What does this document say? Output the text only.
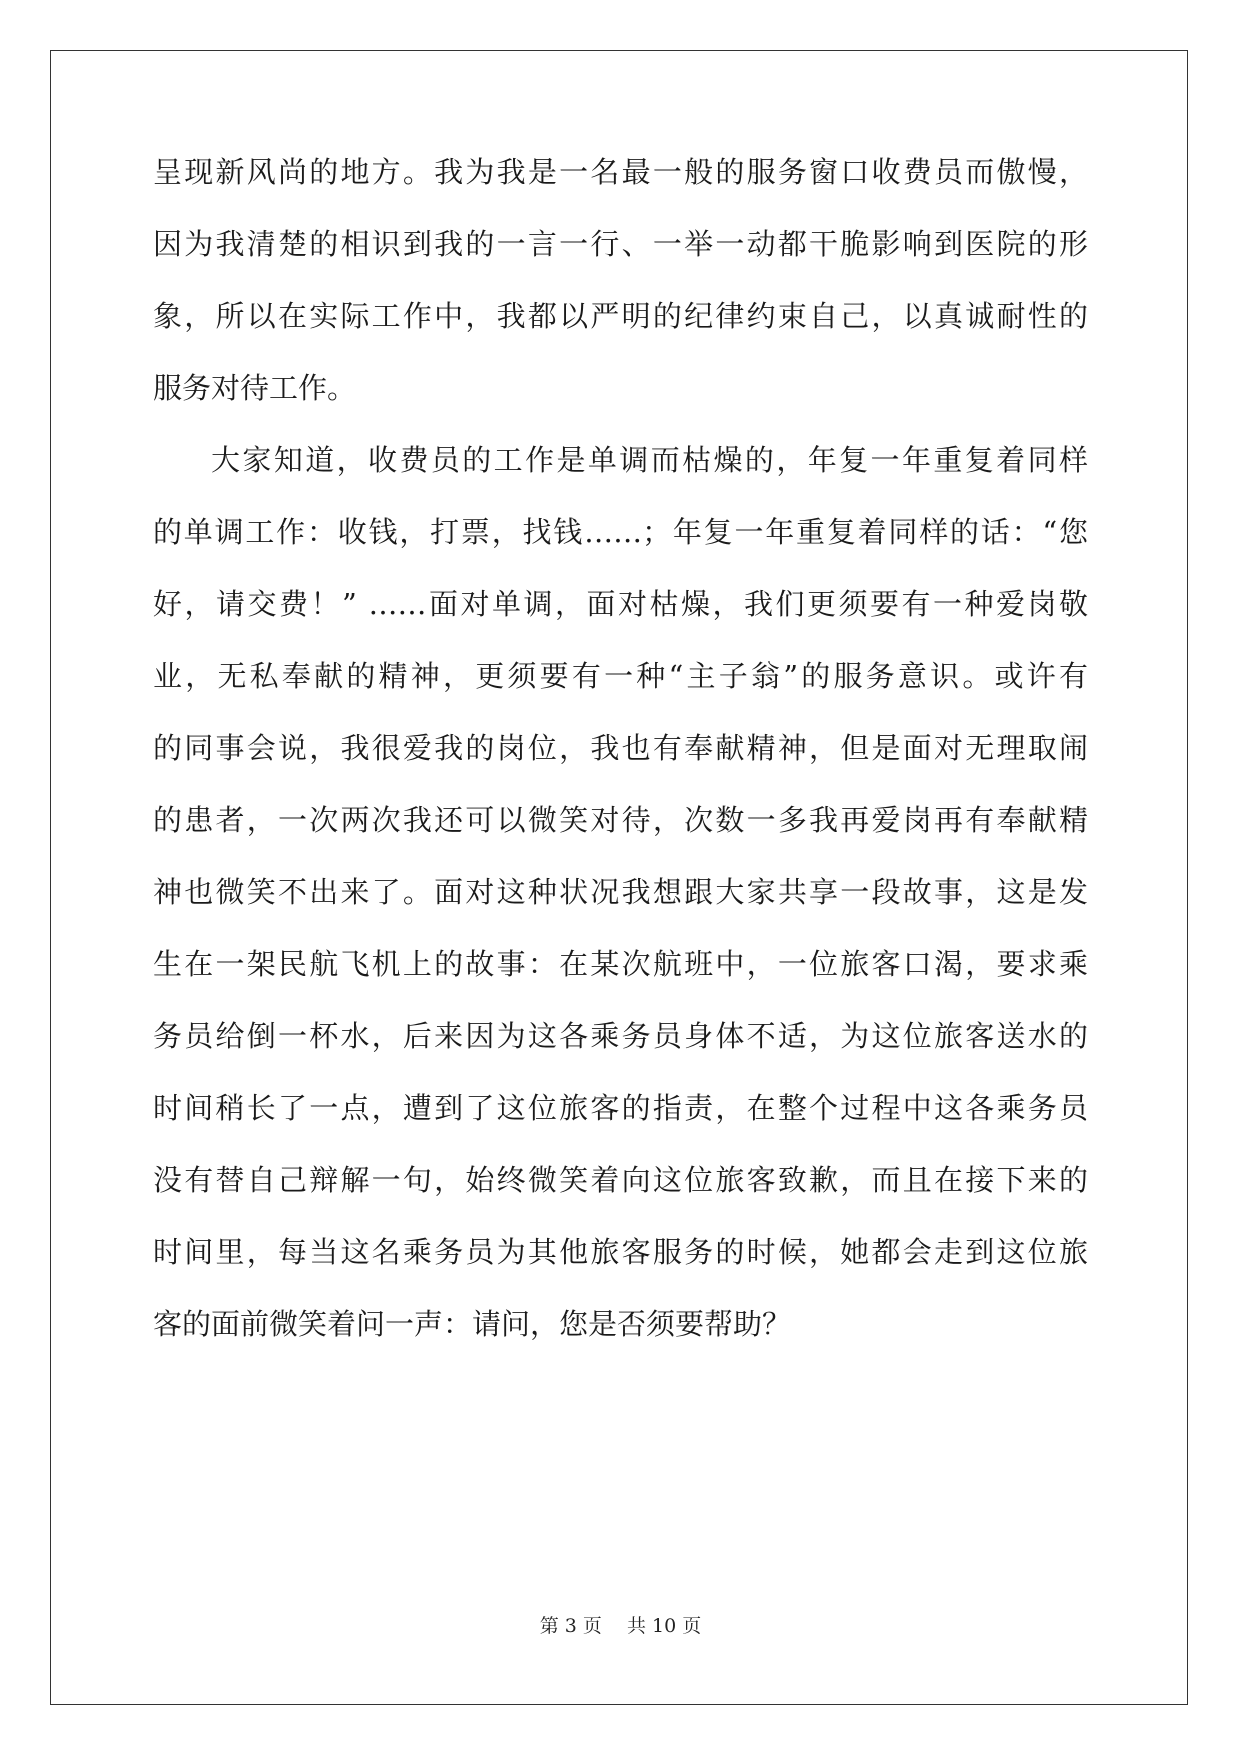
呈现新风尚的地方。我为我是一名最一般的服务窗口收费员而傲慢，
因为我清楚的相识到我的一言一行、一举一动都干脆影响到医院的形
象，所以在实际工作中，我都以严明的纪律约束自己，以真诚耐性的
服务对待工作。
大家知道，收费员的工作是单调而枯燥的，年复一年重复着同样
的单调工作：收钱，打票，找钱……；年复一年重复着同样的话：“您
好，请交费！” ……面对单调，面对枯燥，我们更须要有一种爱岗敬
业，无私奉献的精神，更须要有一种“主子翁”的服务意识。或许有
的同事会说，我很爱我的岗位，我也有奉献精神，但是面对无理取闹
的患者，一次两次我还可以微笑对待，次数一多我再爱岗再有奉献精
神也微笑不出来了。面对这种状况我想跟大家共享一段故事，这是发
生在一架民航飞机上的故事：在某次航班中，一位旅客口渴，要求乘
务员给倒一杯水，后来因为这各乘务员身体不适，为这位旅客送水的
时间稍长了一点，遭到了这位旅客的指责，在整个过程中这各乘务员
没有替自己辩解一句，始终微笑着向这位旅客致歉，而且在接下来的
时间里，每当这名乘务员为其他旅客服务的时候，她都会走到这位旅
客的面前微笑着问一声：请问，您是否须要帮助？
第 3 页　 共 10 页
